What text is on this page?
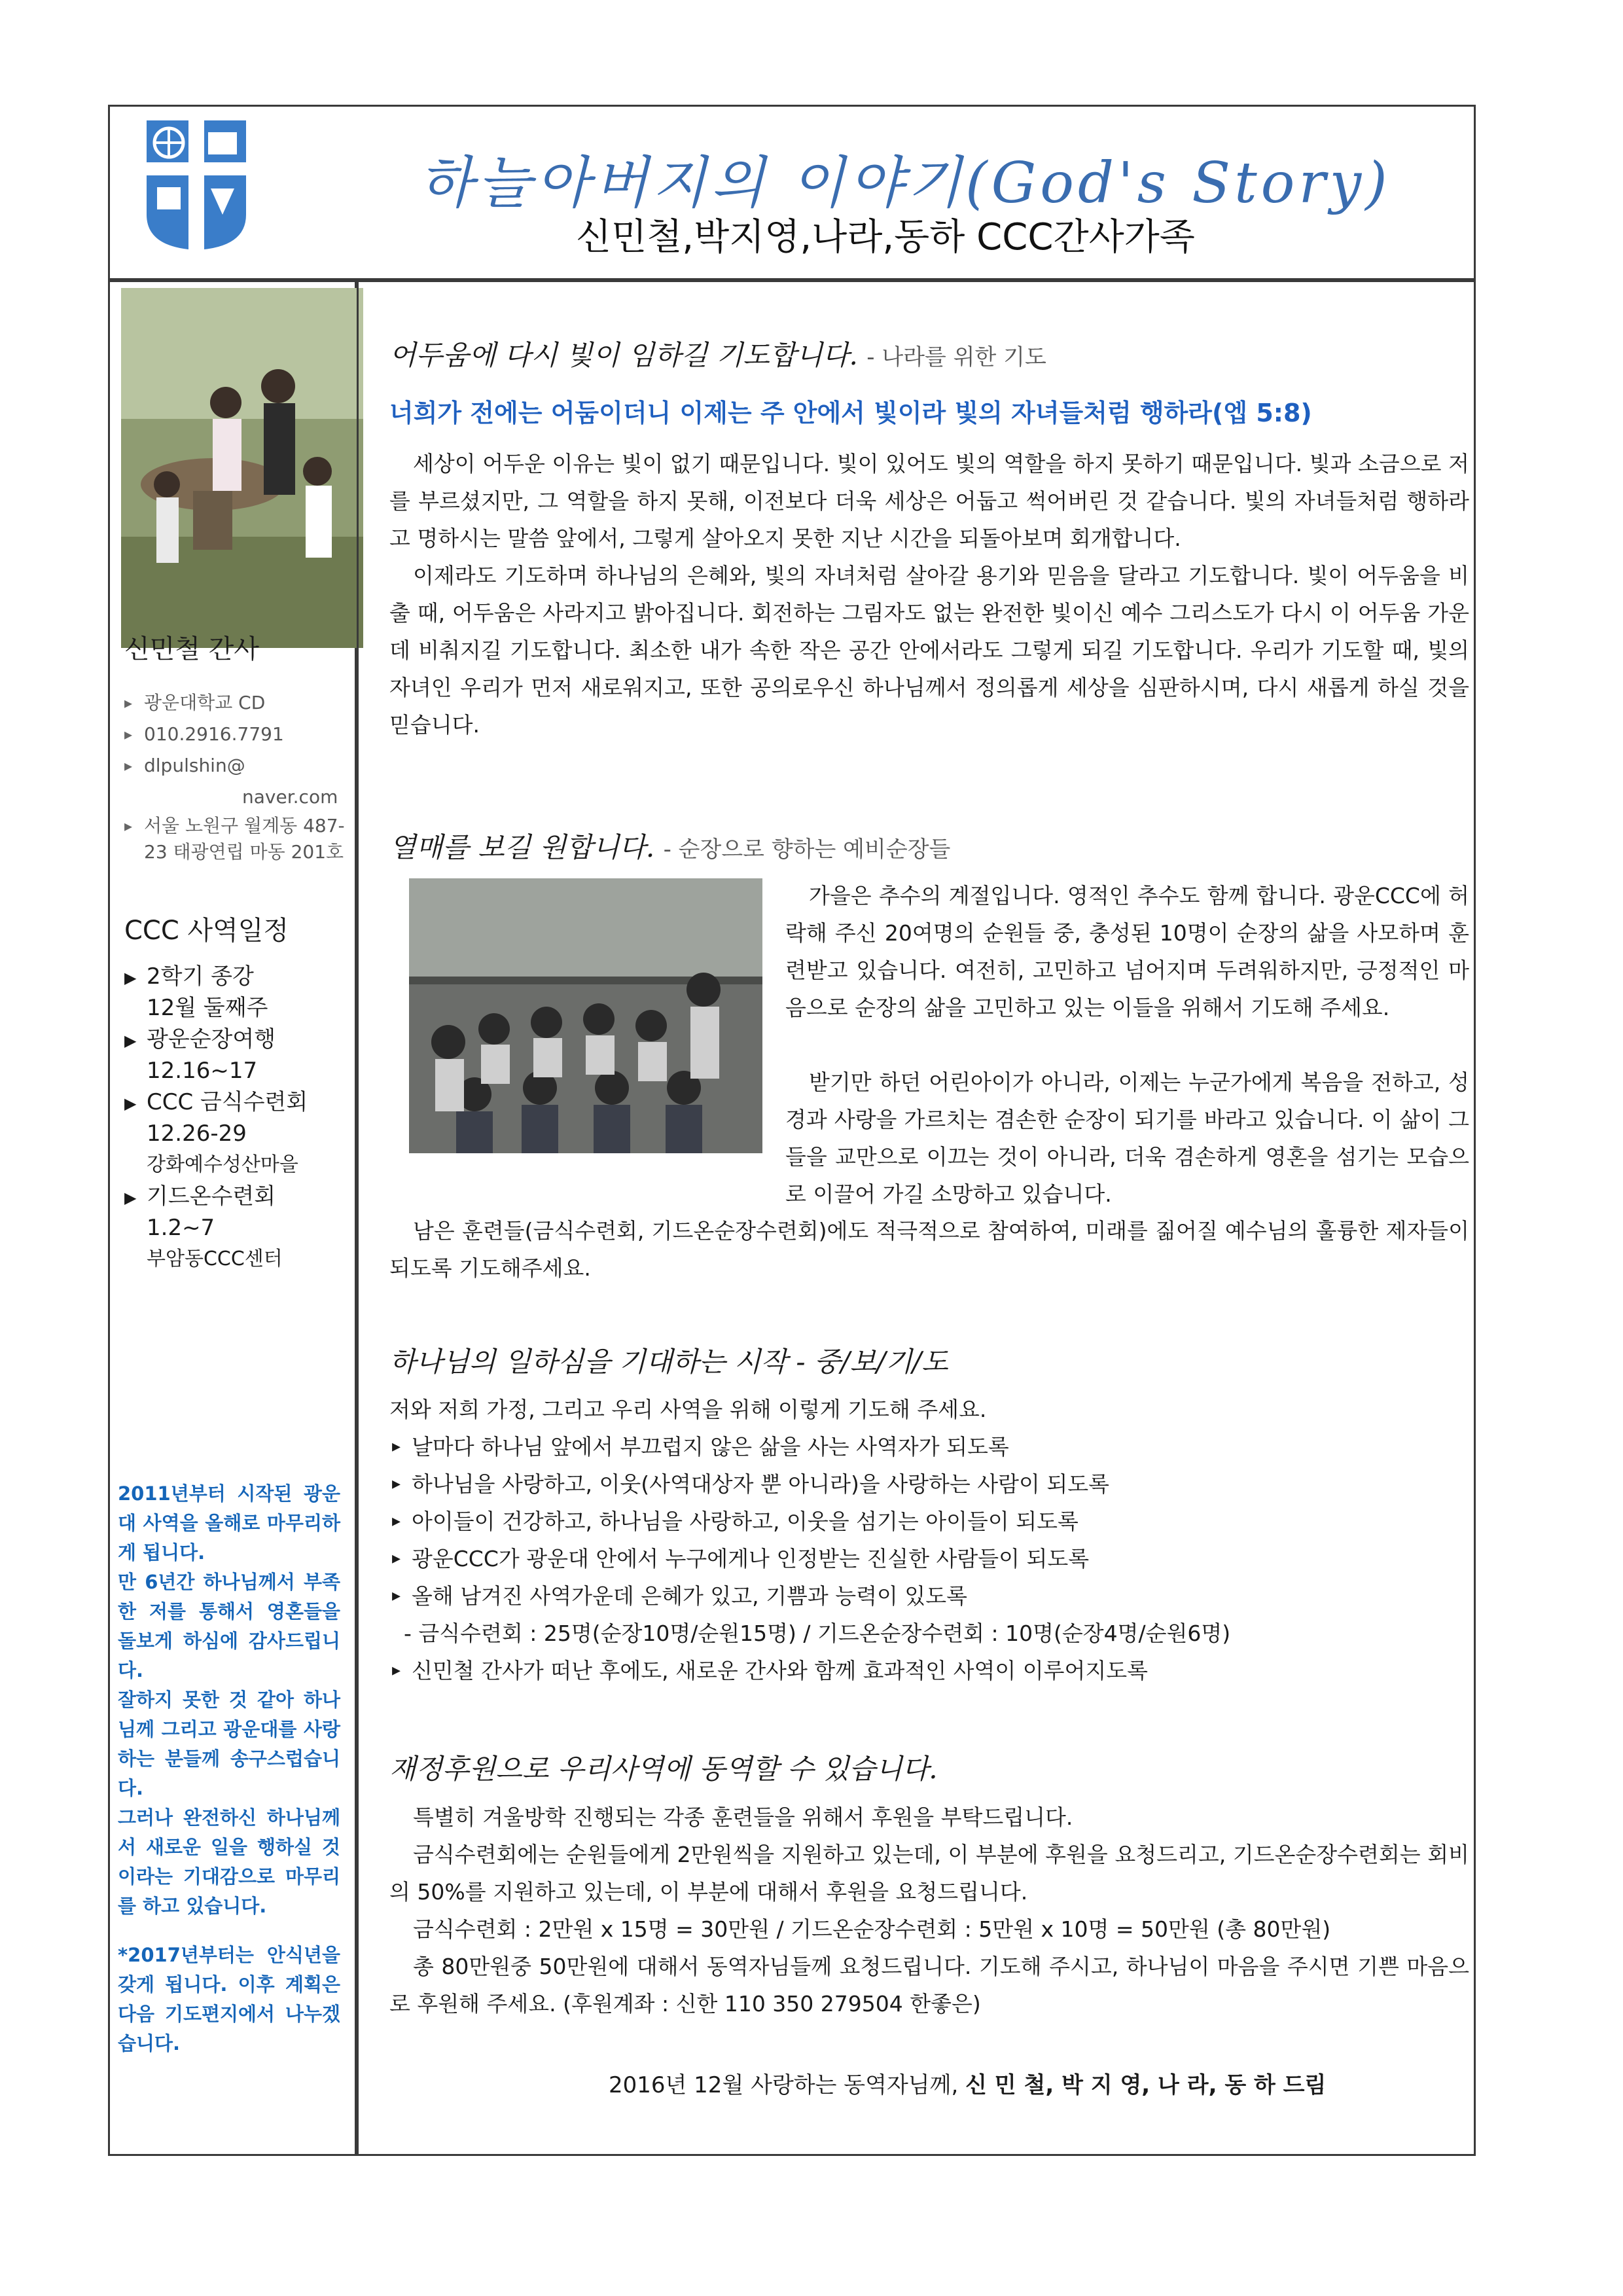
하늘아버지의 이야기(God's Story)
신민철,박지영,나라,동하 CCC간사가족
신민철 간사
▸ 광운대학교 CD
▸ 010.2916.7791
▸ dlpulshin@
naver.com
▸ 서울 노원구 월계동 487-23 태광연립 마동 201호
CCC 사역일정
▶ 2학기 종강
12월 둘째주
▶ 광운순장여행
12.16~17
▶ CCC 금식수련회
12.26-29
강화예수성산마을
▶ 기드온수련회
1.2~7
부암동CCC센터

2011년부터 시작된 광운대 사역을 올해로 마무리하게 됩니다.

만 6년간 하나님께서 부족한 저를 통해서 영혼들을 돌보게 하심에 감사드립니다.

잘하지 못한 것 같아 하나님께 그리고 광운대를 사랑하는 분들께 송구스럽습니다.

그러나 완전하신 하나님께서 새로운 일을 행하실 것이라는 기대감으로 마무리를 하고 있습니다.

*2017년부터는 안식년을 갖게 됩니다. 이후 계획은 다음 기도편지에서 나누겠습니다.

어두움에 다시 빛이 임하길 기도합니다. - 나라를 위한 기도
너희가 전에는 어둠이더니 이제는 주 안에서 빛이라 빛의 자녀들처럼 행하라(엡 5:8)

세상이 어두운 이유는 빛이 없기 때문입니다. 빛이 있어도 빛의 역할을 하지 못하기 때문입니다. 빛과 소금으로 저를 부르셨지만, 그 역할을 하지 못해, 이전보다 더욱 세상은 어둡고 썩어버린 것 같습니다. 빛의 자녀들처럼 행하라고 명하시는 말씀 앞에서, 그렇게 살아오지 못한 지난 시간을 되돌아보며 회개합니다.

이제라도 기도하며 하나님의 은혜와, 빛의 자녀처럼 살아갈 용기와 믿음을 달라고 기도합니다. 빛이 어두움을 비출 때, 어두움은 사라지고 밝아집니다. 회전하는 그림자도 없는 완전한 빛이신 예수 그리스도가 다시 이 어두움 가운데 비춰지길 기도합니다. 최소한 내가 속한 작은 공간 안에서라도 그렇게 되길 기도합니다. 우리가 기도할 때, 빛의 자녀인 우리가 먼저 새로워지고, 또한 공의로우신 하나님께서 정의롭게 세상을 심판하시며, 다시 새롭게 하실 것을 믿습니다.

열매를 보길 원합니다. - 순장으로 향하는 예비순장들

가을은 추수의 계절입니다. 영적인 추수도 함께 합니다. 광운CCC에 허락해 주신 20여명의 순원들 중, 충성된 10명이 순장의 삶을 사모하며 훈련받고 있습니다. 여전히, 고민하고 넘어지며 두려워하지만, 긍정적인 마음으로 순장의 삶을 고민하고 있는 이들을 위해서 기도해 주세요.

받기만 하던 어린아이가 아니라, 이제는 누군가에게 복음을 전하고, 성경과 사랑을 가르치는 겸손한 순장이 되기를 바라고 있습니다. 이 삶이 그들을 교만으로 이끄는 것이 아니라, 더욱 겸손하게 영혼을 섬기는 모습으로 이끌어 가길 소망하고 있습니다.

남은 훈련들(금식수련회, 기드온순장수련회)에도 적극적으로 참여하여, 미래를 짊어질 예수님의 훌륭한 제자들이 되도록 기도해주세요.

하나님의 일하심을 기대하는 시작 - 중/보/기/도
저와 저희 가정, 그리고 우리 사역을 위해 이렇게 기도해 주세요.
▸ 날마다 하나님 앞에서 부끄럽지 않은 삶을 사는 사역자가 되도록
▸ 하나님을 사랑하고, 이웃(사역대상자 뿐 아니라)을 사랑하는 사람이 되도록
▸ 아이들이 건강하고, 하나님을 사랑하고, 이웃을 섬기는 아이들이 되도록
▸ 광운CCC가 광운대 안에서 누구에게나 인정받는 진실한 사람들이 되도록
▸ 올해 남겨진 사역가운데 은혜가 있고, 기쁨과 능력이 있도록
- 금식수련회 : 25명(순장10명/순원15명) / 기드온순장수련회 : 10명(순장4명/순원6명)
▸ 신민철 간사가 떠난 후에도, 새로운 간사와 함께 효과적인 사역이 이루어지도록
재정후원으로 우리사역에 동역할 수 있습니다.

특별히 겨울방학 진행되는 각종 훈련들을 위해서 후원을 부탁드립니다.

금식수련회에는 순원들에게 2만원씩을 지원하고 있는데, 이 부분에 후원을 요청드리고, 기드온순장수련회는 회비의 50%를 지원하고 있는데, 이 부분에 대해서 후원을 요청드립니다.

금식수련회 : 2만원 x 15명 = 30만원 / 기드온순장수련회 : 5만원 x 10명 = 50만원 (총 80만원)

총 80만원중 50만원에 대해서 동역자님들께 요청드립니다. 기도해 주시고, 하나님이 마음을 주시면 기쁜 마음으로 후원해 주세요. (후원계좌 : 신한 110 350 279504 한좋은)

2016년 12월 사랑하는 동역자님께, 신 민 철, 박 지 영, 나 라, 동 하 드림
